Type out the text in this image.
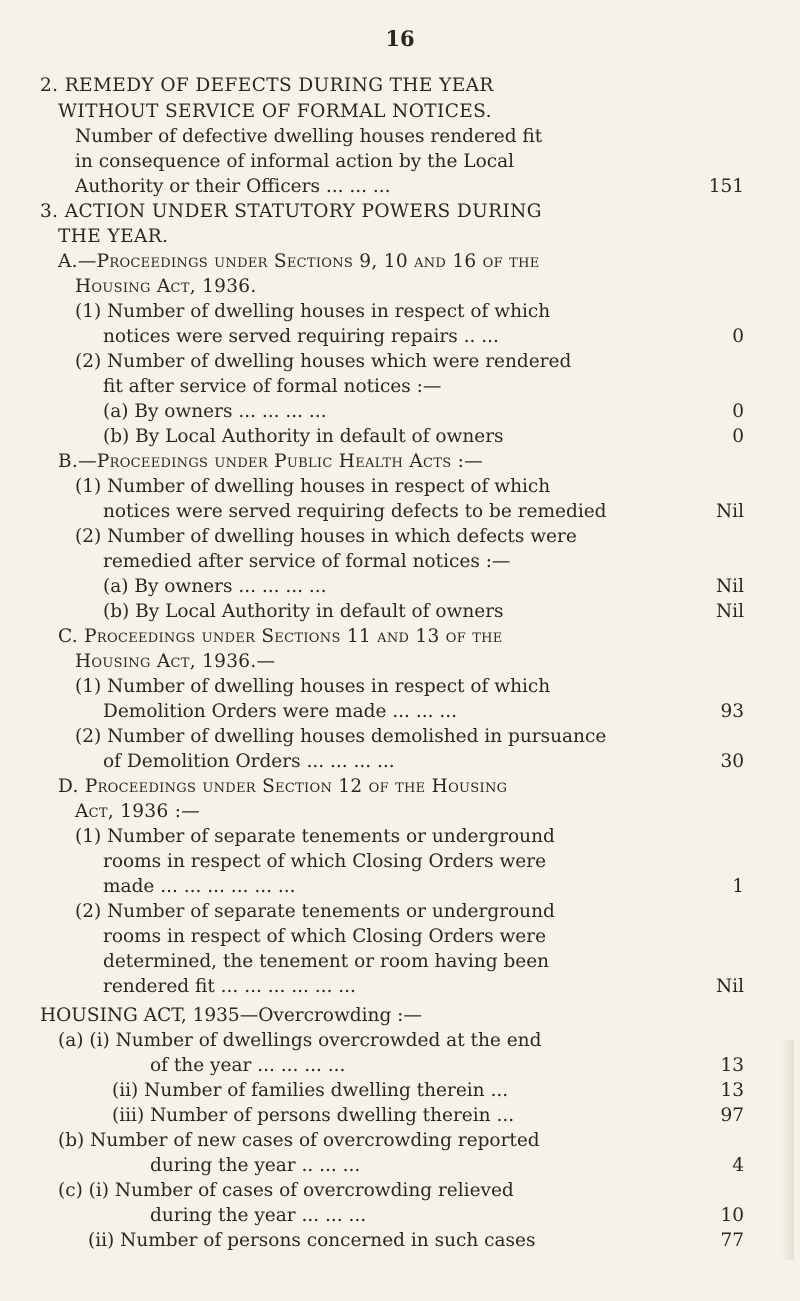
16
2. REMEDY OF DEFECTS DURING THE YEAR
WITHOUT SERVICE OF FORMAL NOTICES.
Number of defective dwelling houses rendered fit
in consequence of informal action by the Local
Authority or their Officers ... ... ...	151
3. ACTION UNDER STATUTORY POWERS DURING
THE YEAR.
A.—Proceedings under Sections 9, 10 and 16 of the
Housing Act, 1936.
(1) Number of dwelling houses in respect of which
notices were served requiring repairs .. ...	0
(2) Number of dwelling houses which were rendered
fit after service of formal notices :—
(a) By owners ... ... ... ...	0
(b) By Local Authority in default of owners	0
B.—Proceedings under Public Health Acts :—
(1) Number of dwelling houses in respect of which
notices were served requiring defects to be remedied	Nil
(2) Number of dwelling houses in which defects were
remedied after service of formal notices :—
(a) By owners ... ... ... ...	Nil
(b) By Local Authority in default of owners	Nil
C. Proceedings under Sections 11 and 13 of the
Housing Act, 1936.—
(1) Number of dwelling houses in respect of which
Demolition Orders were made ... ... ...	93
(2) Number of dwelling houses demolished in pursuance
of Demolition Orders ... ... ... ...	30
D. Proceedings under Section 12 of the Housing
Act, 1936 :—
(1) Number of separate tenements or underground
rooms in respect of which Closing Orders were
made ... ... ... ... ... ...	1
(2) Number of separate tenements or underground
rooms in respect of which Closing Orders were
determined, the tenement or room having been
rendered fit ... ... ... ... ... ...	Nil
HOUSING ACT, 1935—Overcrowding :—
(a) (i) Number of dwellings overcrowded at the end
of the year ... ... ... ...	13
(ii) Number of families dwelling therein ...	13
(iii) Number of persons dwelling therein ...	97
(b) Number of new cases of overcrowding reported
during the year .. ... ...	4
(c) (i) Number of cases of overcrowding relieved
during the year ... ... ...	10
(ii) Number of persons concerned in such cases	77
